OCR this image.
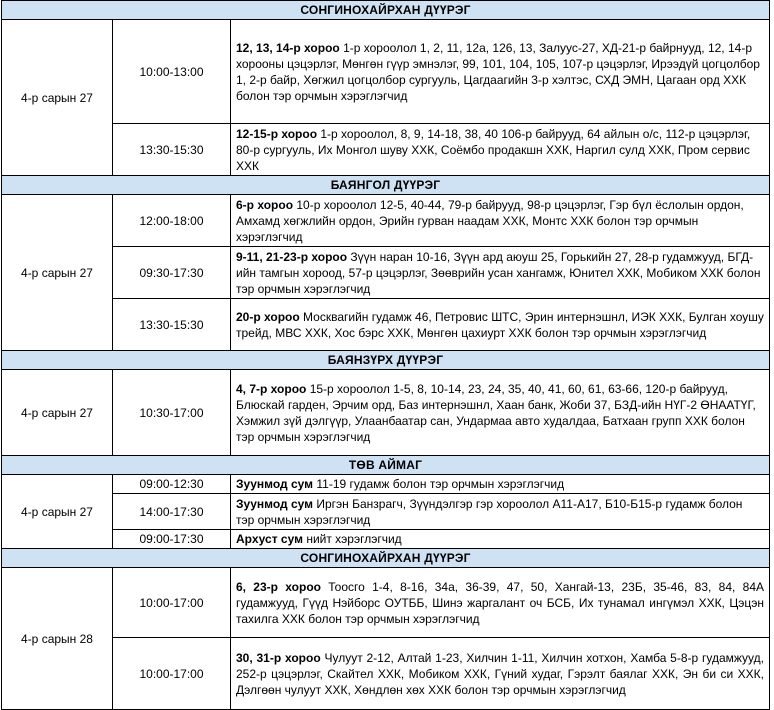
СОНГИНОХАЙРХАН ДҮҮРЭГ		
4-р сарын 27	10:00-13:00	12, 13, 14-р хороо 1-р хороолол 1, 2, 11, 12а, 126, 13, Залуус-27, ХД-21-р байрнууд, 12, 14-р хорооны цэцэрлэг, Мөнгөн гүүр эмнэлэг, 99, 101, 104, 105, 107-р цэцэрлэг, Ирээдүй цогцолбор 1, 2-р байр, Хөгжил цогцолбор сургууль, Цагдаагийн 3-р хэлтэс, СХД ЭМН, Цагаан орд ХХК болон тэр орчмын хэрэглэгчид
	13:30-15:30	12-15-р хороо 1-р хороолол, 8, 9, 14-18, 38, 40 106-р байрууд, 64 айлын о/с, 112-р цэцэрлэг, 80-р сургууль, Их Монгол шуву ХХК, Соёмбо продакшн ХХК, Наргил сулд ХХК, Пром сервис ХХК
БАЯНГОЛ ДҮҮРЭГ		
4-р сарын 27	12:00-18:00	6-р хороо 10-р хороолол 12-5, 40-44, 79-р байрууд, 98-р цэцэрлэг, Гэр бүл ёслолын ордон, Амхамд хөгжлийн ордон, Эрийн гурван наадам ХХК, Монтс ХХК болон тэр орчмын хэрэглэгчид
	09:30-17:30	9-11, 21-23-р хороо Зүүн наран 10-16, Зүүн ард аюуш 25, Горькийн 27, 28-р гудамжууд, БГД-ийн тамгын хороод, 57-р цэцэрлэг, Зөөврийн усан хангамж, Юнител ХХК, Мобиком ХХК болон тэр орчмын хэрэглэгчид
	13:30-15:30	20-р хороо Москвагийн гудамж 46, Петровис ШТС, Эрин интернэшнл, ИЭК ХХК, Булган хоушу трейд, МВС ХХК, Хос бэрс ХХК, Мөнгөн цахиурт ХХК болон тэр орчмын хэрэглэгчид
БАЯНЗҮРХ ДҮҮРЭГ		
4-р сарын 27	10:30-17:00	4, 7-р хороо 15-р хороолол 1-5, 8, 10-14, 23, 24, 35, 40, 41, 60, 61, 63-66, 120-р байрууд, Блюскай гарден, Эрчим орд, Баз интернэшнл, Хаан банк, Жоби 37, БЗД-ийн НҮГ-2 ӨНААТҮГ, Хэмжил зүй дэлгүүр, Улаанбаатар сан, Ундармаа авто худалдаа, Батхаан групп ХХК болон тэр орчмын хэрэглэгчид
ТӨВ АЙМАГ		
4-р сарын 27	09:00-12:30	Зуунмод сум 11-19 гудамж болон тэр орчмын хэрэглэгчид
	14:00-17:30	Зуунмод сум Иргэн Банзрагч, Зүүндэлгэр гэр хороолол А11-А17, Б10-Б15-р гудамж болон тэр орчмын хэрэглэгчид
	09:00-17:30	Архуст сум нийт хэрэглэгчид
СОНГИНОХАЙРХАН ДҮҮРЭГ		
4-р сарын 28	10:00-17:00	6, 23-р хороо Тоосго 1-4, 8-16, 34а, 36-39, 47, 50, Хангай-13, 23Б, 35-46, 83, 84, 84А гудамжууд, Гүүд Нэйборс ОУТББ, Шинэ жаргалант оч БСБ, Их тунамал ингүмэл ХХК, Цэцэн тахилга ХХК болон тэр орчмын хэрэглэгчид
	10:00-17:00	30, 31-р хороо Чулуут 2-12, Алтай 1-23, Хилчин 1-11, Хилчин хотхон, Хамба 5-8-р гудамжууд, 252-р цэцэрлэг, Скайтел ХХК, Мобиком ХХК, Гүний худаг, Гэрэлт баялаг ХХК, Эн би си ХХК, Дэлгөөн чулуут ХХК, Хөндлөн хөх ХХК болон тэр орчмын хэрэглэгчид
